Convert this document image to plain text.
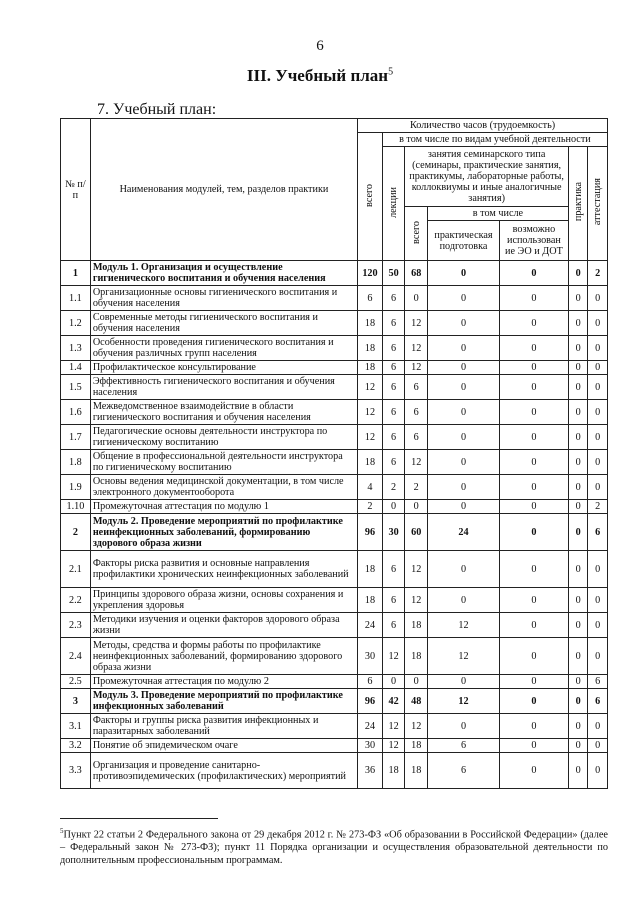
6
III. Учебный план$^5$
7. Учебный план:
№ п/п	Наименования модулей, тем, разделов практики	Количество часов (трудоемкость)						
		всего	в том числе по видам учебной деятельности					
			лекции	занятия семинарского типа (семинары, практические занятия, практикумы, лабораторные работы, коллоквиумы и иные аналогичные занятия)			практика	аттестация
				всего	в том числе			
					практическая подготовка	возможно использован ие ЭО и ДОТ		
1	Модуль 1. Организация и осуществление гигиенического воспитания и обучения населения	120	50	68	0	0	0	2
1.1	Организационные основы гигиенического воспитания и обучения населения	6	6	0	0	0	0	0
1.2	Современные методы гигиенического воспитания и обучения населения	18	6	12	0	0	0	0
1.3	Особенности проведения гигиенического воспитания и обучения различных групп населения	18	6	12	0	0	0	0
1.4	Профилактическое консультирование	18	6	12	0	0	0	0
1.5	Эффективность гигиенического воспитания и обучения населения	12	6	6	0	0	0	0
1.6	Межведомственное взаимодействие в области гигиенического воспитания и обучения населения	12	6	6	0	0	0	0
1.7	Педагогические основы деятельности инструктора по гигиеническому воспитанию	12	6	6	0	0	0	0
1.8	Общение в профессиональной деятельности инструктора по гигиеническому воспитанию	18	6	12	0	0	0	0
1.9	Основы ведения медицинской документации, в том числе электронного документооборота	4	2	2	0	0	0	0
1.10	Промежуточная аттестация по модулю 1	2	0	0	0	0	0	2
2	Модуль 2. Проведение мероприятий по профилактике неинфекционных заболеваний, формированию здорового образа жизни	96	30	60	24	0	0	6
2.1	Факторы риска развития и основные направления профилактики хронических неинфекционных заболеваний	18	6	12	0	0	0	0
2.2	Принципы здорового образа жизни, основы сохранения и укрепления здоровья	18	6	12	0	0	0	0
2.3	Методики изучения и оценки факторов здорового образа жизни	24	6	18	12	0	0	0
2.4	Методы, средства и формы работы по профилактике неинфекционных заболеваний, формированию здорового образа жизни	30	12	18	12	0	0	0
2.5	Промежуточная аттестация по модулю 2	6	0	0	0	0	0	6
3	Модуль 3. Проведение мероприятий по профилактике инфекционных заболеваний	96	42	48	12	0	0	6
3.1	Факторы и группы риска развития инфекционных и паразитарных заболеваний	24	12	12	0	0	0	0
3.2	Понятие об эпидемическом очаге	30	12	18	6	0	0	0
3.3	Организация и проведение санитарно-противоэпидемических (профилактических) мероприятий	36	18	18	6	0	0	0
$^5$Пункт 22 статьи 2 Федерального закона от 29 декабря 2012 г. № 273-ФЗ «Об образовании в Российской Федерации» (далее – Федеральный закон № 273-ФЗ); пункт 11 Порядка организации и осуществления образовательной деятельности по дополнительным профессиональным программам.
